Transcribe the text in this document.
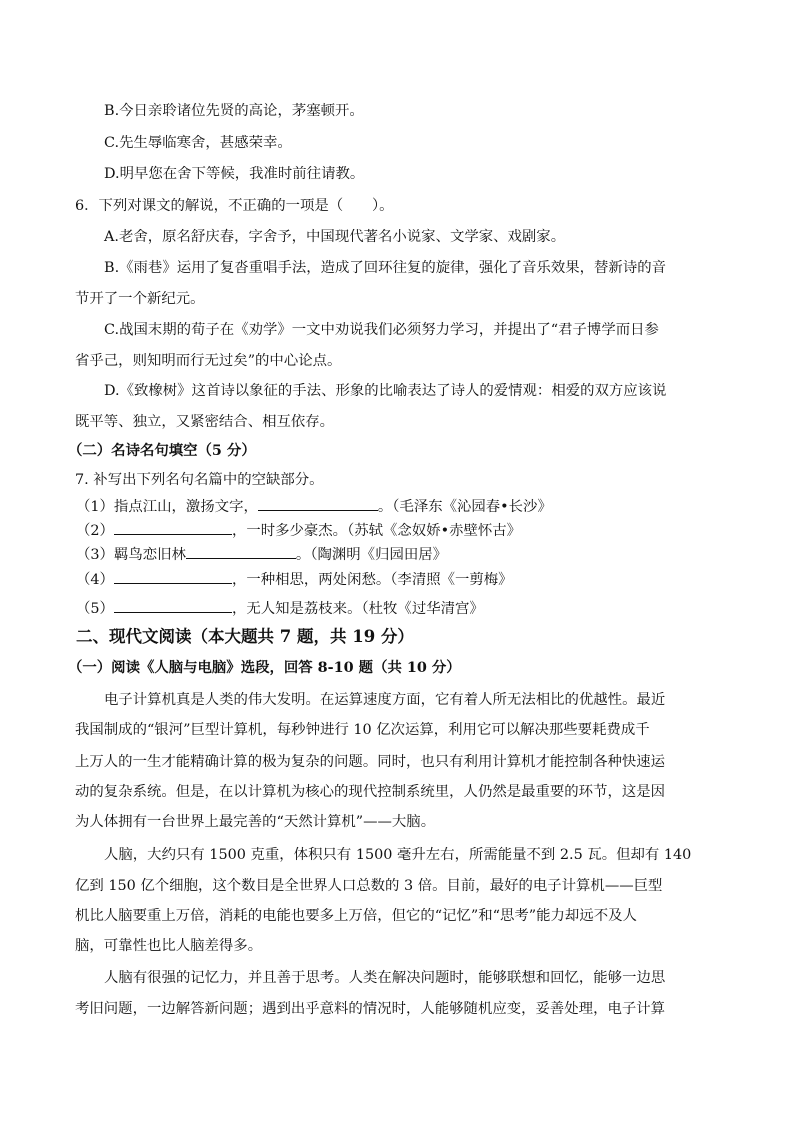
B.今日亲聆诸位先贤的高论，茅塞顿开。
C.先生辱临寒舍，甚感荣幸。
D.明早您在舍下等候，我准时前往请教。
6．下列对课文的解说，不正确的一项是（　　）。
A.老舍，原名舒庆春，字舍予，中国现代著名小说家、文学家、戏剧家。
B.《雨巷》运用了复沓重唱手法，造成了回环往复的旋律，强化了音乐效果，替新诗的音
节开了一个新纪元。
C.战国末期的荀子在《劝学》一文中劝说我们必须努力学习，并提出了“君子博学而日参
省乎己，则知明而行无过矣”的中心论点。
D.《致橡树》这首诗以象征的手法、形象的比喻表达了诗人的爱情观：相爱的双方应该说
既平等、独立，又紧密结合、相互依存。
（二）名诗名句填空（5 分）
7. 补写出下列名句名篇中的空缺部分。
（1）指点江山，激扬文字，	。（毛泽东《沁园春•长沙》
（2）	，一时多少豪杰。（苏轼《念奴娇•赤壁怀古》
（3）羁鸟恋旧林	。（陶渊明《归园田居》
（4）	，一种相思，两处闲愁。（李清照《一剪梅》
（5）	，无人知是荔枝来。（杜牧《过华清宫》
二、现代文阅读（本大题共 7 题，共 19 分）
（一）阅读《人脑与电脑》选段，回答 8-10 题（共 10 分）
电子计算机真是人类的伟大发明。在运算速度方面，它有着人所无法相比的优越性。最近
我国制成的“银河”巨型计算机，每秒钟进行 10 亿次运算，利用它可以解决那些要耗费成千
上万人的一生才能精确计算的极为复杂的问题。同时，也只有利用计算机才能控制各种快速运
动的复杂系统。但是，在以计算机为核心的现代控制系统里，人仍然是最重要的环节，这是因
为人体拥有一台世界上最完善的“天然计算机”——大脑。
人脑，大约只有 1500 克重，体积只有 1500 毫升左右，所需能量不到 2.5 瓦。但却有 140
亿到 150 亿个细胞，这个数目是全世界人口总数的 3 倍。目前，最好的电子计算机——巨型
机比人脑要重上万倍，消耗的电能也要多上万倍，但它的“记忆”和“思考”能力却远不及人
脑，可靠性也比人脑差得多。
人脑有很强的记忆力，并且善于思考。人类在解决问题时，能够联想和回忆，能够一边思
考旧问题，一边解答新问题；遇到出乎意料的情况时，人能够随机应变，妥善处理，电子计算
